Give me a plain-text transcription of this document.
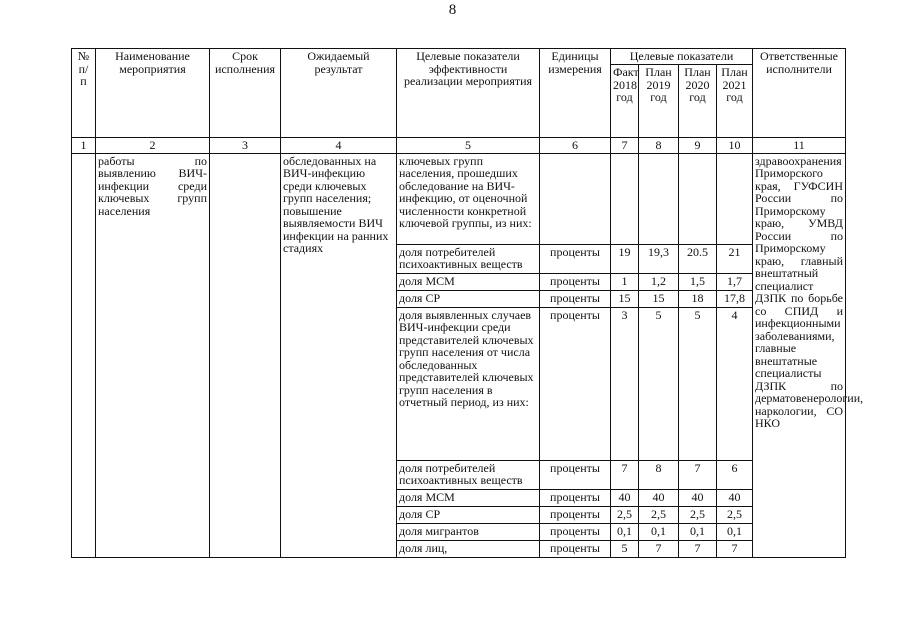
8
№ п/ п	Наименование мероприятия	Срок исполнения	Ожидаемый результат	Целевые показатели эффективности реализации мероприятия	Единицы измерения	Целевые показатели				Ответственные исполнители
						Факт 2018 год	План 2019 год	План 2020 год	План 2021 год	
1	2	3	4	5	6	7	8	9	10	11
	работы по выявлению ВИЧ-инфекции среди ключевых групп населения		обследованных на ВИЧ-инфекцию среди ключевых групп населения; повышение выявляемости ВИЧ инфекции на ранних стадиях	ключевых групп населения, прошедших обследование на ВИЧ-инфекцию, от оценочной численности конкретной ключевой группы, из них:						здравоохранения Приморского края, ГУФСИН России по Приморскому краю, УМВД России по Приморскому краю, главный внештатный специалист ДЗПК по борьбе со СПИД и инфекционными заболеваниями, главные внештатные специалисты ДЗПК по дерматовенерологии, наркологии, СО НКО
				доля потребителей психоактивных веществ	проценты	19	19,3	20.5	21	
				доля МСМ	проценты	1	1,2	1,5	1,7	
				доля СР	проценты	15	15	18	17,8	
				доля выявленных случаев ВИЧ-инфекции среди представителей ключевых групп населения от числа обследованных представителей ключевых групп населения в отчетный период, из них:	проценты	3	5	5	4	
				доля потребителей психоактивных веществ	проценты	7	8	7	6	
				доля МСМ	проценты	40	40	40	40	
				доля СР	проценты	2,5	2,5	2,5	2,5	
				доля мигрантов	проценты	0,1	0,1	0,1	0,1	
				доля лиц,	проценты	5	7	7	7	
